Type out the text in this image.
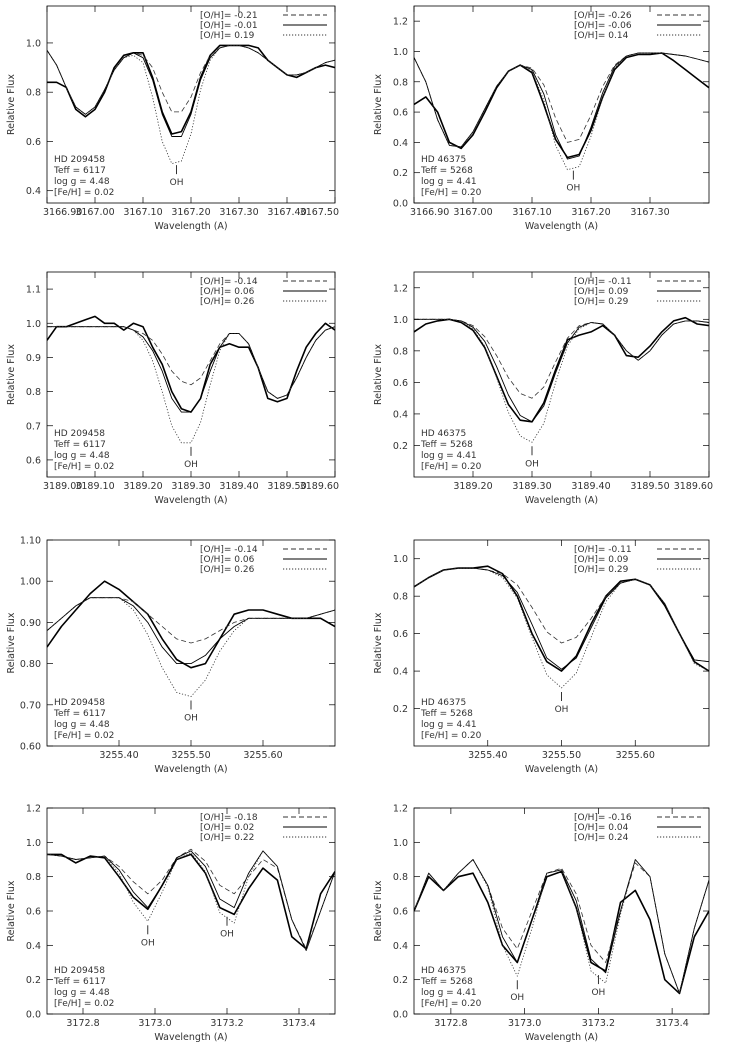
3166.90
3167.00 3167.10 3167.20 3167.30 3167.40
3167.50
0.4
0.6
0.8
1.0
Wavelength (A)
Relative Flux
[O/H]= -0.21
[O/H]= -0.01
[O/H]= 0.19
HD 209458
Teff = 6117
log g = 4.48
[Fe/H] = 0.02
OH
3166.90 3167.00 3167.10 3167.20 3167.30
0.0
0.2
0.4
0.6
0.8
1.0
1.2
Wavelength (A)
Relative Flux
[O/H]= -0.26
[O/H]= -0.06
[O/H]= 0.14
HD 46375
Teff = 5268
log g = 4.41
[Fe/H] = 0.20	OH
3189.00
3189.10 3189.20 3189.30 3189.40 3189.50
3189.60
0.6
0.7
0.8
0.9
1.0
1.1
Wavelength (A)
Relative Flux
[O/H]= -0.14
[O/H]= 0.06
[O/H]= 0.26
HD 209458
Teff = 6117
log g = 4.48
[Fe/H] = 0.02	OH
3189.20 3189.30 3189.40 3189.50 3189.60
0.2
0.4
0.6
0.8
1.0
1.2
Wavelength (A)
Relative Flux
[O/H]= -0.11
[O/H]= 0.09
[O/H]= 0.29
HD 46375
Teff = 5268
log g = 4.41
[Fe/H] = 0.20	OH
3255.40	3255.50	3255.60
0.60
0.70
0.80
0.90
1.00
1.10
Wavelength (A)
Relative Flux
[O/H]= -0.14
[O/H]= 0.06
[O/H]= 0.26
HD 209458
Teff = 6117
log g = 4.48
[Fe/H] = 0.02
OH
3255.40	3255.50	3255.60
0.2
0.4
0.6
0.8
1.0
Wavelength (A)
Relative Flux
[O/H]= -0.11
[O/H]= 0.09
[O/H]= 0.29
HD 46375
Teff = 5268
log g = 4.41
[Fe/H] = 0.20
OH
3172.8	3173.0	3173.2	3173.4
0.0
0.2
0.4
0.6
0.8
1.0
1.2
Wavelength (A)
Relative Flux
[O/H]= -0.18
[O/H]= 0.02
[O/H]= 0.22
HD 209458
Teff = 6117
log g = 4.48
[Fe/H] = 0.02
OH
OH
3172.8	3173.0	3173.2	3173.4
0.0
0.2
0.4
0.6
0.8
1.0
1.2
Wavelength (A)
Relative Flux
[O/H]= -0.16
[O/H]= 0.04
[O/H]= 0.24
HD 46375
Teff = 5268
log g = 4.41
[Fe/H] = 0.20
OH
OH
